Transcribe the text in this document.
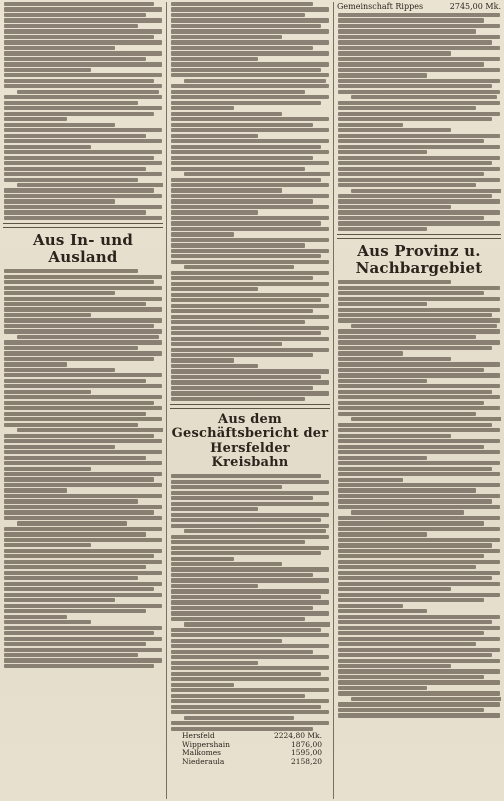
Aus In- und Ausland
Aus dem Geschäftsbericht der Hersfelder Kreisbahn
Hersfeld	2224,80 Mk.
Wippershain	1876,00
Malkomes	1595,00
Niederaula	2158,20
Gemeinschaft Rippes	2745,00 Mk.
Aus Provinz u. Nachbargebiet
